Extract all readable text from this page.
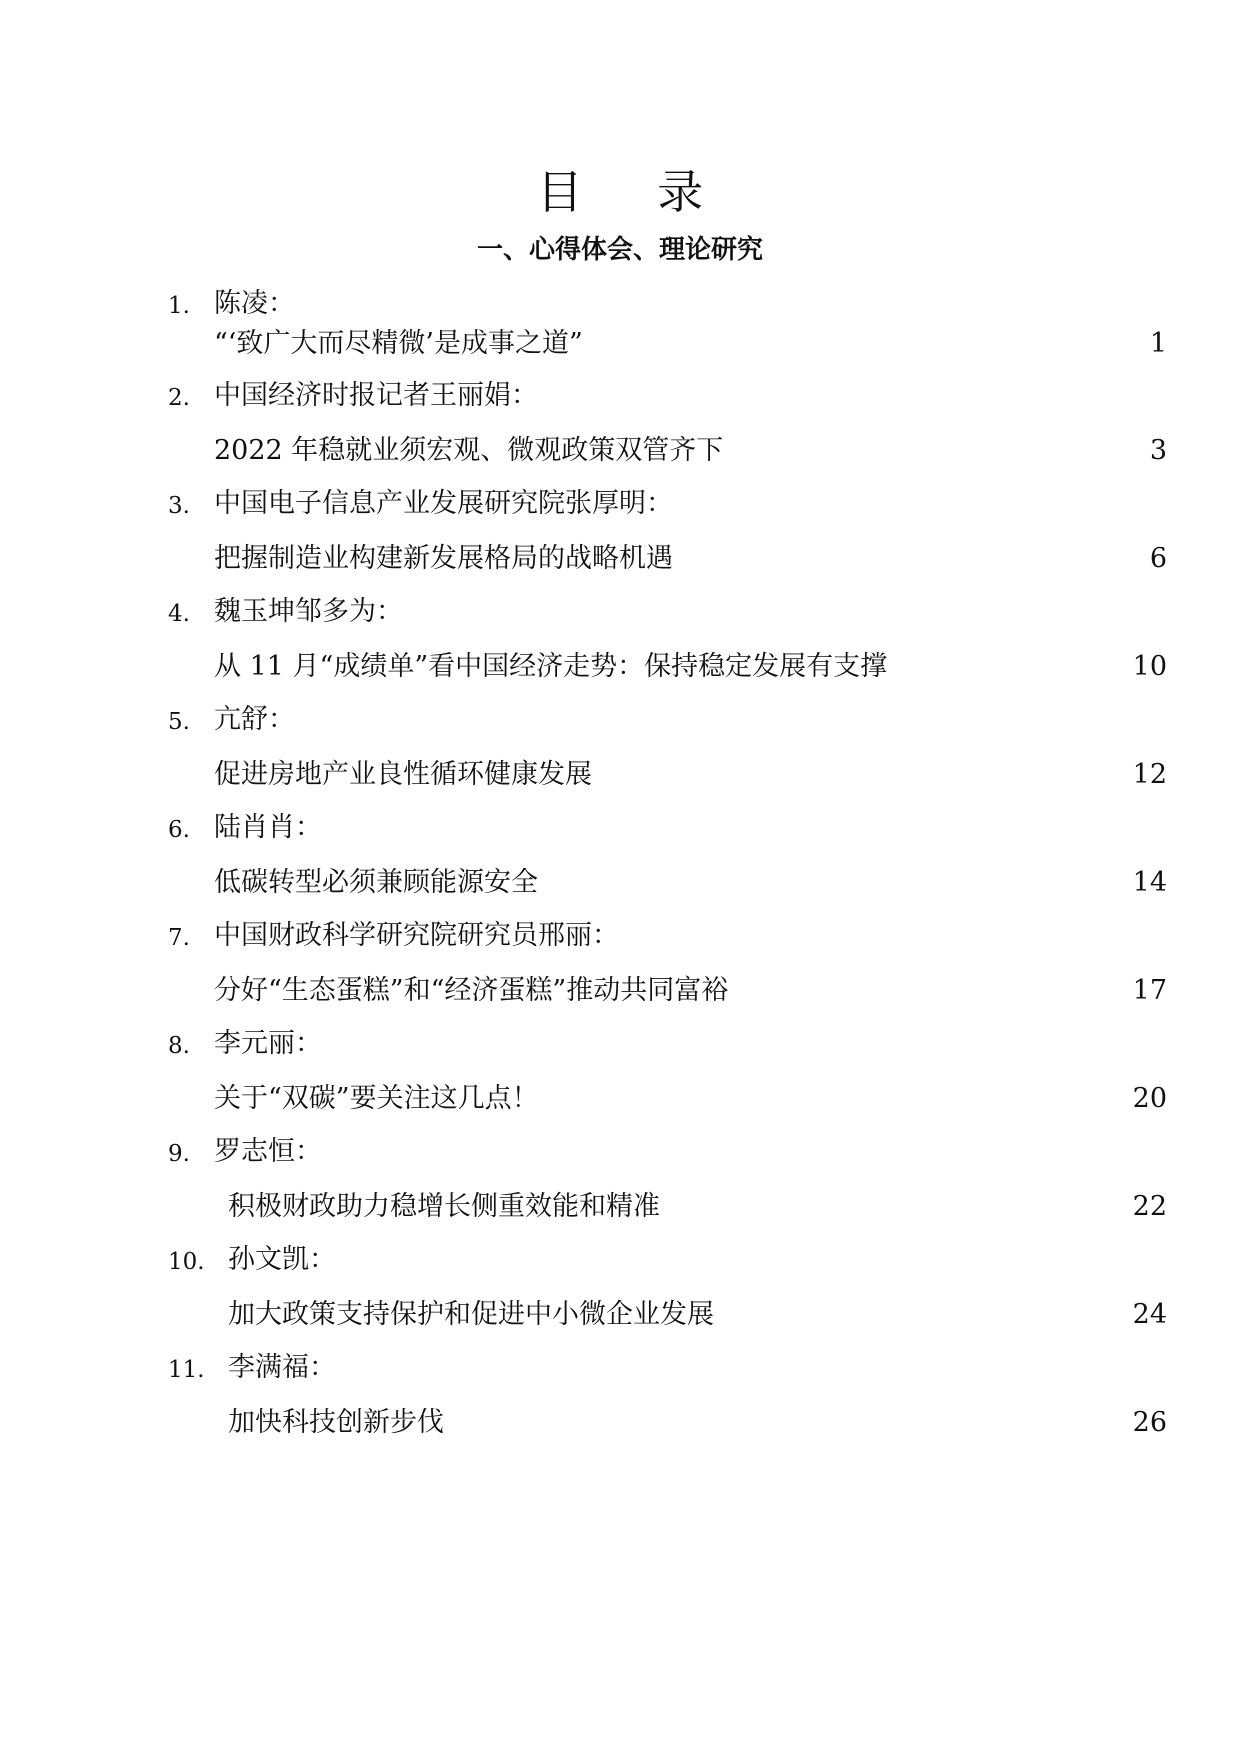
目 录
一、心得体会、理论研究
1. 陈凌：
“‘致广大而尽精微’是成事之道”	1
2. 中国经济时报记者王丽娟：
2022 年稳就业须宏观、微观政策双管齐下	3
3. 中国电子信息产业发展研究院张厚明：
把握制造业构建新发展格局的战略机遇	6
4. 魏玉坤邹多为：
从 11 月“成绩单”看中国经济走势：保持稳定发展有支撑	10
5. 亢舒：
促进房地产业良性循环健康发展	12
6. 陆肖肖：
低碳转型必须兼顾能源安全	14
7. 中国财政科学研究院研究员邢丽：
分好“生态蛋糕”和“经济蛋糕”推动共同富裕	17
8. 李元丽：
关于“双碳”要关注这几点！	20
9. 罗志恒：
积极财政助力稳增长侧重效能和精准	22
10. 孙文凯：
加大政策支持保护和促进中小微企业发展	24
11. 李满福：
加快科技创新步伐	26
